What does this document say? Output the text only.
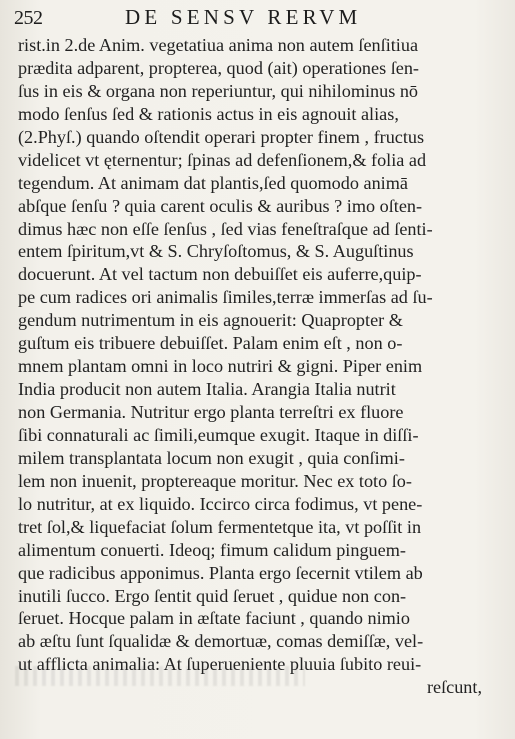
252	DE SENSV RERVM
rist.in 2.de Anim. vegetatiua anima non autem ſenſitiua
prædita adparent, propterea, quod (ait) operationes ſen-
ſus in eis & organa non reperiuntur, qui nihilominus nō
modo ſenſus ſed & rationis actus in eis agnouit alias,
(2.Phyſ.) quando oſtendit operari propter finem , fructus
videlicet vt ęternentur; ſpinas ad defenſionem,& folia ad
tegendum. At animam dat plantis,ſed quomodo animā
abſque ſenſu ? quia carent oculis & auribus ? imo oſten-
dimus hæc non eſſe ſenſus , ſed vias feneſtraſque ad ſenti-
entem ſpiritum,vt & S. Chryſoſtomus, & S. Auguſtinus
docuerunt. At vel tactum non debuiſſet eis auferre,quip-
pe cum radices ori animalis ſimiles,terræ immerſas ad ſu-
gendum nutrimentum in eis agnouerit: Quapropter &
guſtum eis tribuere debuiſſet. Palam enim eſt , non o-
mnem plantam omni in loco nutriri & gigni. Piper enim
India producit non autem Italia. Arangia Italia nutrit
non Germania. Nutritur ergo planta terreſtri ex fluore
ſibi connaturali ac ſimili,eumque exugit. Itaque in diſſi-
milem transplantata locum non exugit , quia conſimi-
lem non inuenit, proptereaque moritur. Nec ex toto ſo-
lo nutritur, at ex liquido. Iccirco circa fodimus, vt pene-
tret ſol,& liquefaciat ſolum fermentetque ita, vt poſſit in
alimentum conuerti. Ideoq; fimum calidum pinguem-
que radicibus apponimus. Planta ergo ſecernit vtilem ab
inutili ſucco. Ergo ſentit quid ſeruet , quidue non con-
ſeruet. Hocque palam in æſtate faciunt , quando nimio
ab æſtu ſunt ſqualidæ & demortuæ, comas demiſſæ, vel-
ut afflicta animalia: At ſuperueniente pluuia ſubito reui-
reſcunt,
